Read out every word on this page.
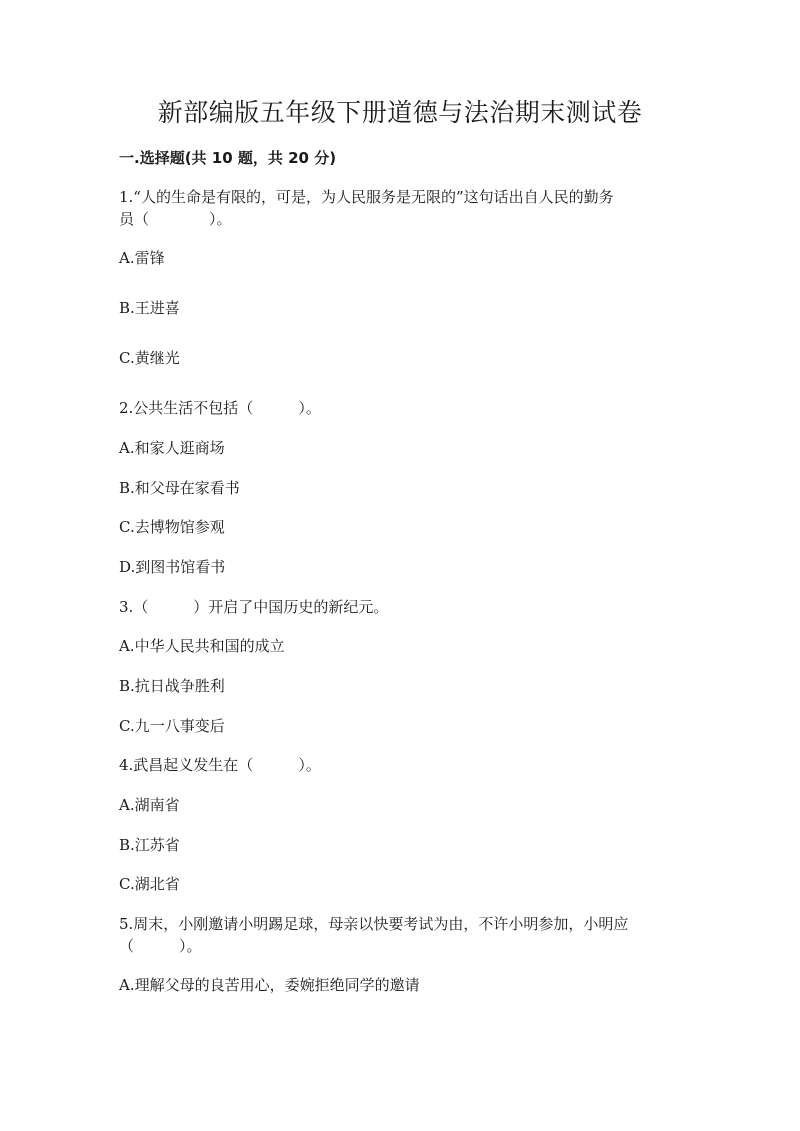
新部编版五年级下册道德与法治期末测试卷
一.选择题(共 10 题，共 20 分)
1.“人的生命是有限的，可是，为人民服务是无限的”这句话出自人民的勤务
员（　　　　）。
A.雷锋
B.王进喜
C.黄继光
2.公共生活不包括（　　　）。
A.和家人逛商场
B.和父母在家看书
C.去博物馆参观
D.到图书馆看书
3.（　　　）开启了中国历史的新纪元。
A.中华人民共和国的成立
B.抗日战争胜利
C.九一八事变后
4.武昌起义发生在（　　　）。
A.湖南省
B.江苏省
C.湖北省
5.周末，小刚邀请小明踢足球，母亲以快要考试为由，不许小明参加，小明应
（　　　）。
A.理解父母的良苦用心，委婉拒绝同学的邀请
